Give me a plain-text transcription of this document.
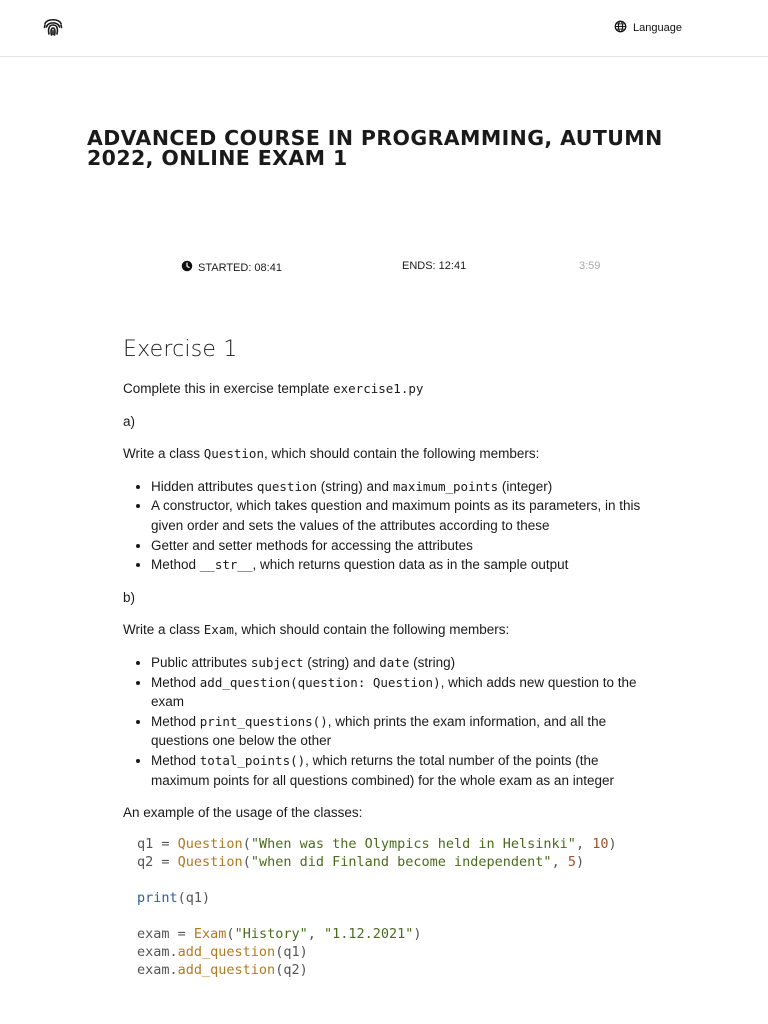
Language
ADVANCED COURSE IN PROGRAMMING, AUTUMN 2022, ONLINE EXAM 1
STARTED: 08:41	ENDS: 12:41	3:59
Exercise 1

Complete this in exercise template exercise1.py

a)

Write a class Question, which should contain the following members:

• Hidden attributes question (string) and maximum_points (integer)
• A constructor, which takes question and maximum points as its parameters, in this given order and sets the values of the attributes according to these
• Getter and setter methods for accessing the attributes
• Method __str__, which returns question data as in the sample output

b)

Write a class Exam, which should contain the following members:

• Public attributes subject (string) and date (string)
• Method add_question(question: Question), which adds new question to the exam
• Method print_questions(), which prints the exam information, and all the questions one below the other
• Method total_points(), which returns the total number of the points (the maximum points for all questions combined) for the whole exam as an integer

An example of the usage of the classes:

q1 = Question("When was the Olympics held in Helsinki", 10)
q2 = Question("when did Finland become independent", 5)
print(q1)
exam = Exam("History", "1.12.2021")
exam.add_question(q1)
exam.add_question(q2)
